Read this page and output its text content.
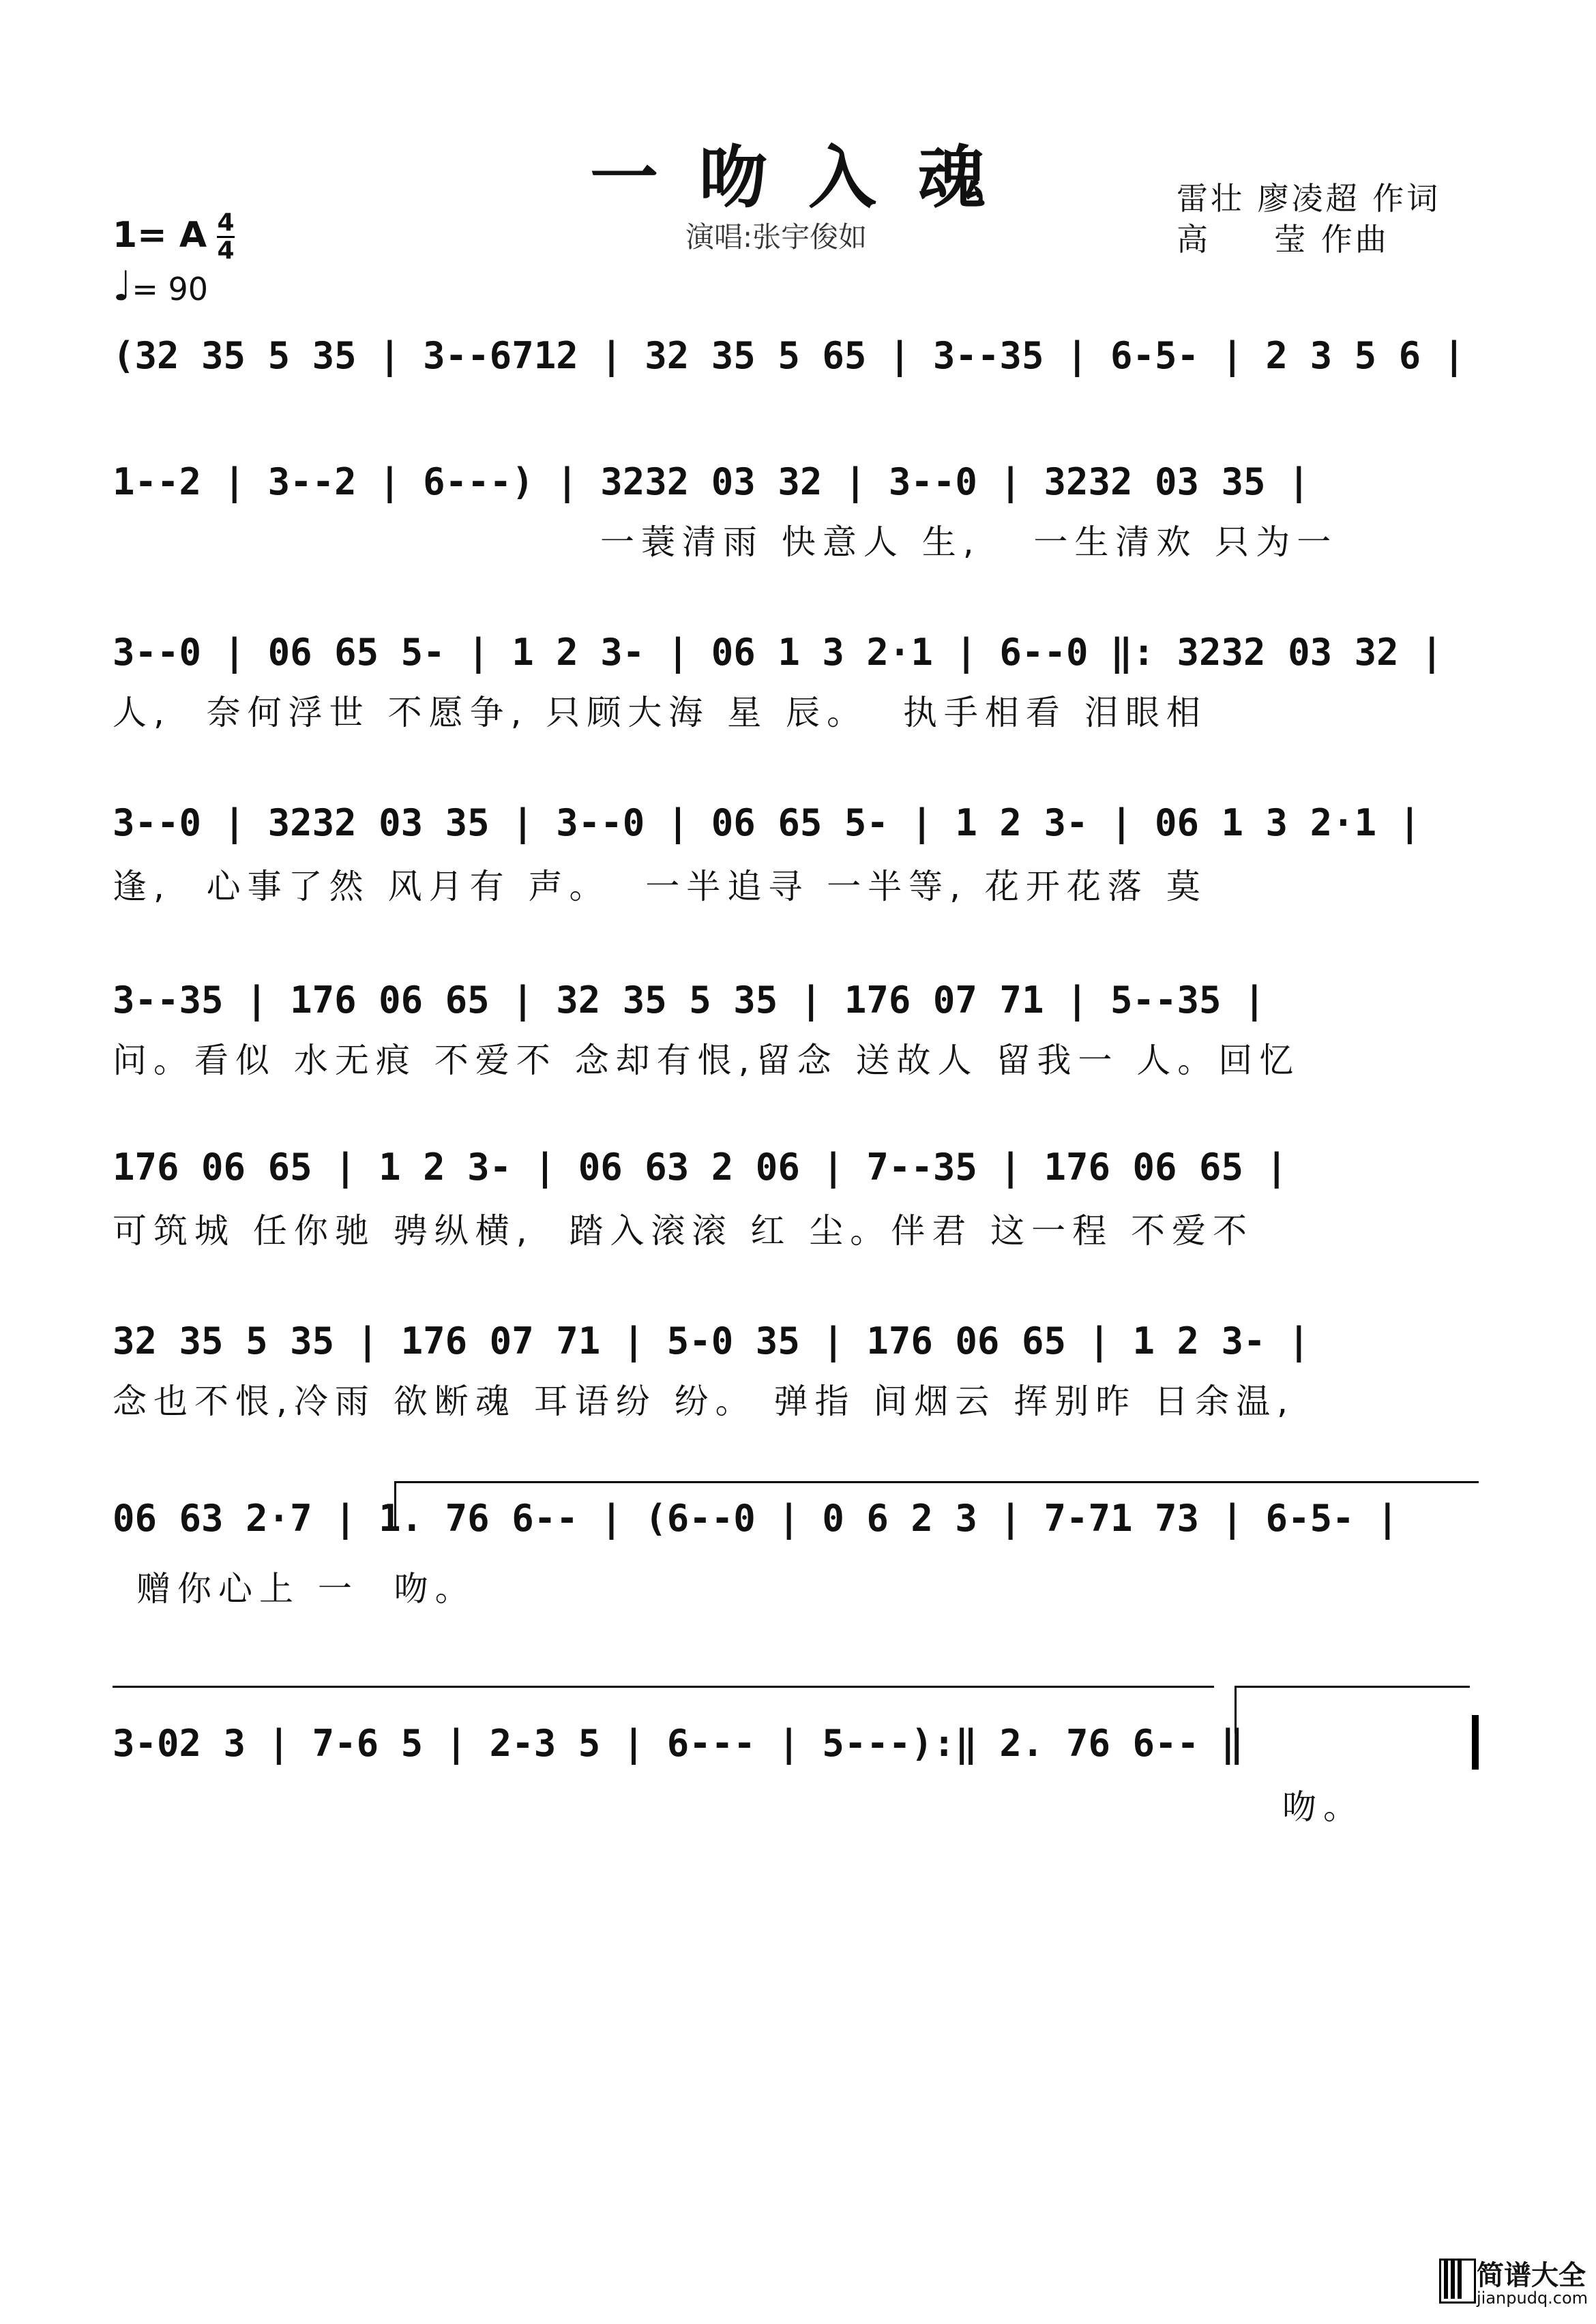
一吻入魂
演唱:张宇俊如
雷壮 廖凌超 作词
高     莹 作曲
1= A 4
4
♩= 90
(32 35 5 35 | 3--6712 | 32 35 5 65 | 3--35 | 6-5- | 2 3 5 6 |
1--2 | 3--2 | 6---) | 3232 03 32 | 3--0 | 3232 03 35 |
一蓑清雨 快意人 生,   一生清欢 只为一
3--0 | 06 65 5- | 1 2 3- | 06 1 3 2·1 | 6--0 ‖: 3232 03 32 |
人,  奈何浮世 不愿争, 只顾大海 星 辰。  执手相看 泪眼相
3--0 | 3232 03 35 | 3--0 | 06 65 5- | 1 2 3- | 06 1 3 2·1 |
逢,  心事了然 风月有 声。  一半追寻 一半等, 花开花落 莫
3--35 | 176 06 65 | 32 35 5 35 | 176 07 71 | 5--35 |
问。看似 水无痕 不爱不 念却有恨,留念 送故人 留我一 人。回忆
176 06 65 | 1 2 3- | 06 63 2 06 | 7--35 | 176 06 65 |
可筑城 任你驰 骋纵横,  踏入滚滚 红 尘。伴君 这一程 不爱不
32 35 5 35 | 176 07 71 | 5-0 35 | 176 06 65 | 1 2 3- |
念也不恨,冷雨 欲断魂 耳语纷 纷。 弹指 间烟云 挥别昨 日余温,
06 63 2·7 | 1. 76 6-- | (6--0 | 0 6 2 3 | 7-71 73 | 6-5- |
赠你心上 一  吻。
3-02 3 | 7-6 5 | 2-3 5 | 6--- | 5---):‖ 2. 76 6-- ‖
吻。
简谱大全
jianpudq.com
